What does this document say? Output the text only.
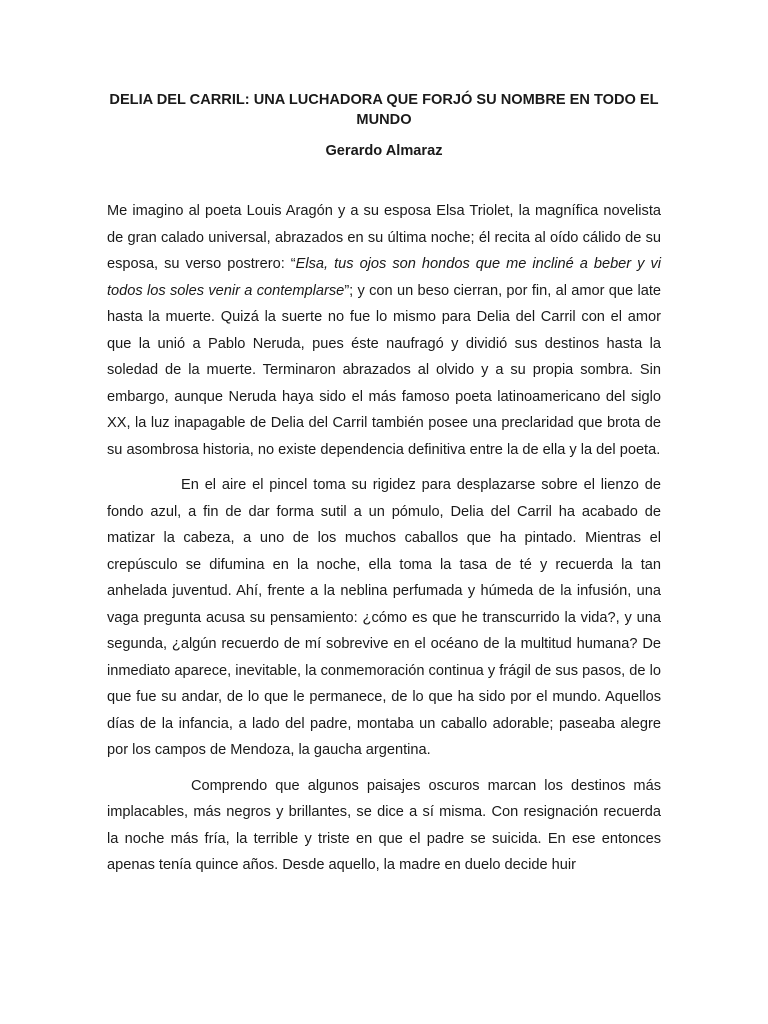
DELIA DEL CARRIL: UNA LUCHADORA QUE FORJÓ SU NOMBRE EN TODO EL MUNDO

Gerardo Almaraz

Me imagino al poeta Louis Aragón y a su esposa Elsa Triolet, la magnífica novelista de gran calado universal, abrazados en su última noche; él recita al oído cálido de su esposa, su verso postrero: “Elsa, tus ojos son hondos que me incliné a beber y vi todos los soles venir a contemplarse”; y con un beso cierran, por fin, al amor que late hasta la muerte. Quizá la suerte no fue lo mismo para Delia del Carril con el amor que la unió a Pablo Neruda, pues éste naufragó y dividió sus destinos hasta la soledad de la muerte. Terminaron abrazados al olvido y a su propia sombra. Sin embargo, aunque Neruda haya sido el más famoso poeta latinoamericano del siglo XX, la luz inapagable de Delia del Carril también posee una preclaridad que brota de su asombrosa historia, no existe dependencia definitiva entre la de ella y la del poeta.

En el aire el pincel toma su rigidez para desplazarse sobre el lienzo de fondo azul, a fin de dar forma sutil a un pómulo, Delia del Carril ha acabado de matizar la cabeza, a uno de los muchos caballos que ha pintado. Mientras el crepúsculo se difumina en la noche, ella toma la tasa de té y recuerda la tan anhelada juventud. Ahí, frente a la neblina perfumada y húmeda de la infusión, una vaga pregunta acusa su pensamiento: ¿cómo es que he transcurrido la vida?, y una segunda, ¿algún recuerdo de mí sobrevive en el océano de la multitud humana? De inmediato aparece, inevitable, la conmemoración continua y frágil de sus pasos, de lo que fue su andar, de lo que le permanece, de lo que ha sido por el mundo. Aquellos días de la infancia, a lado del padre, montaba un caballo adorable; paseaba alegre por los campos de Mendoza, la gaucha argentina.

Comprendo que algunos paisajes oscuros marcan los destinos más implacables, más negros y brillantes, se dice a sí misma. Con resignación recuerda la noche más fría, la terrible y triste en que el padre se suicida. En ese entonces apenas tenía quince años. Desde aquello, la madre en duelo decide huir
